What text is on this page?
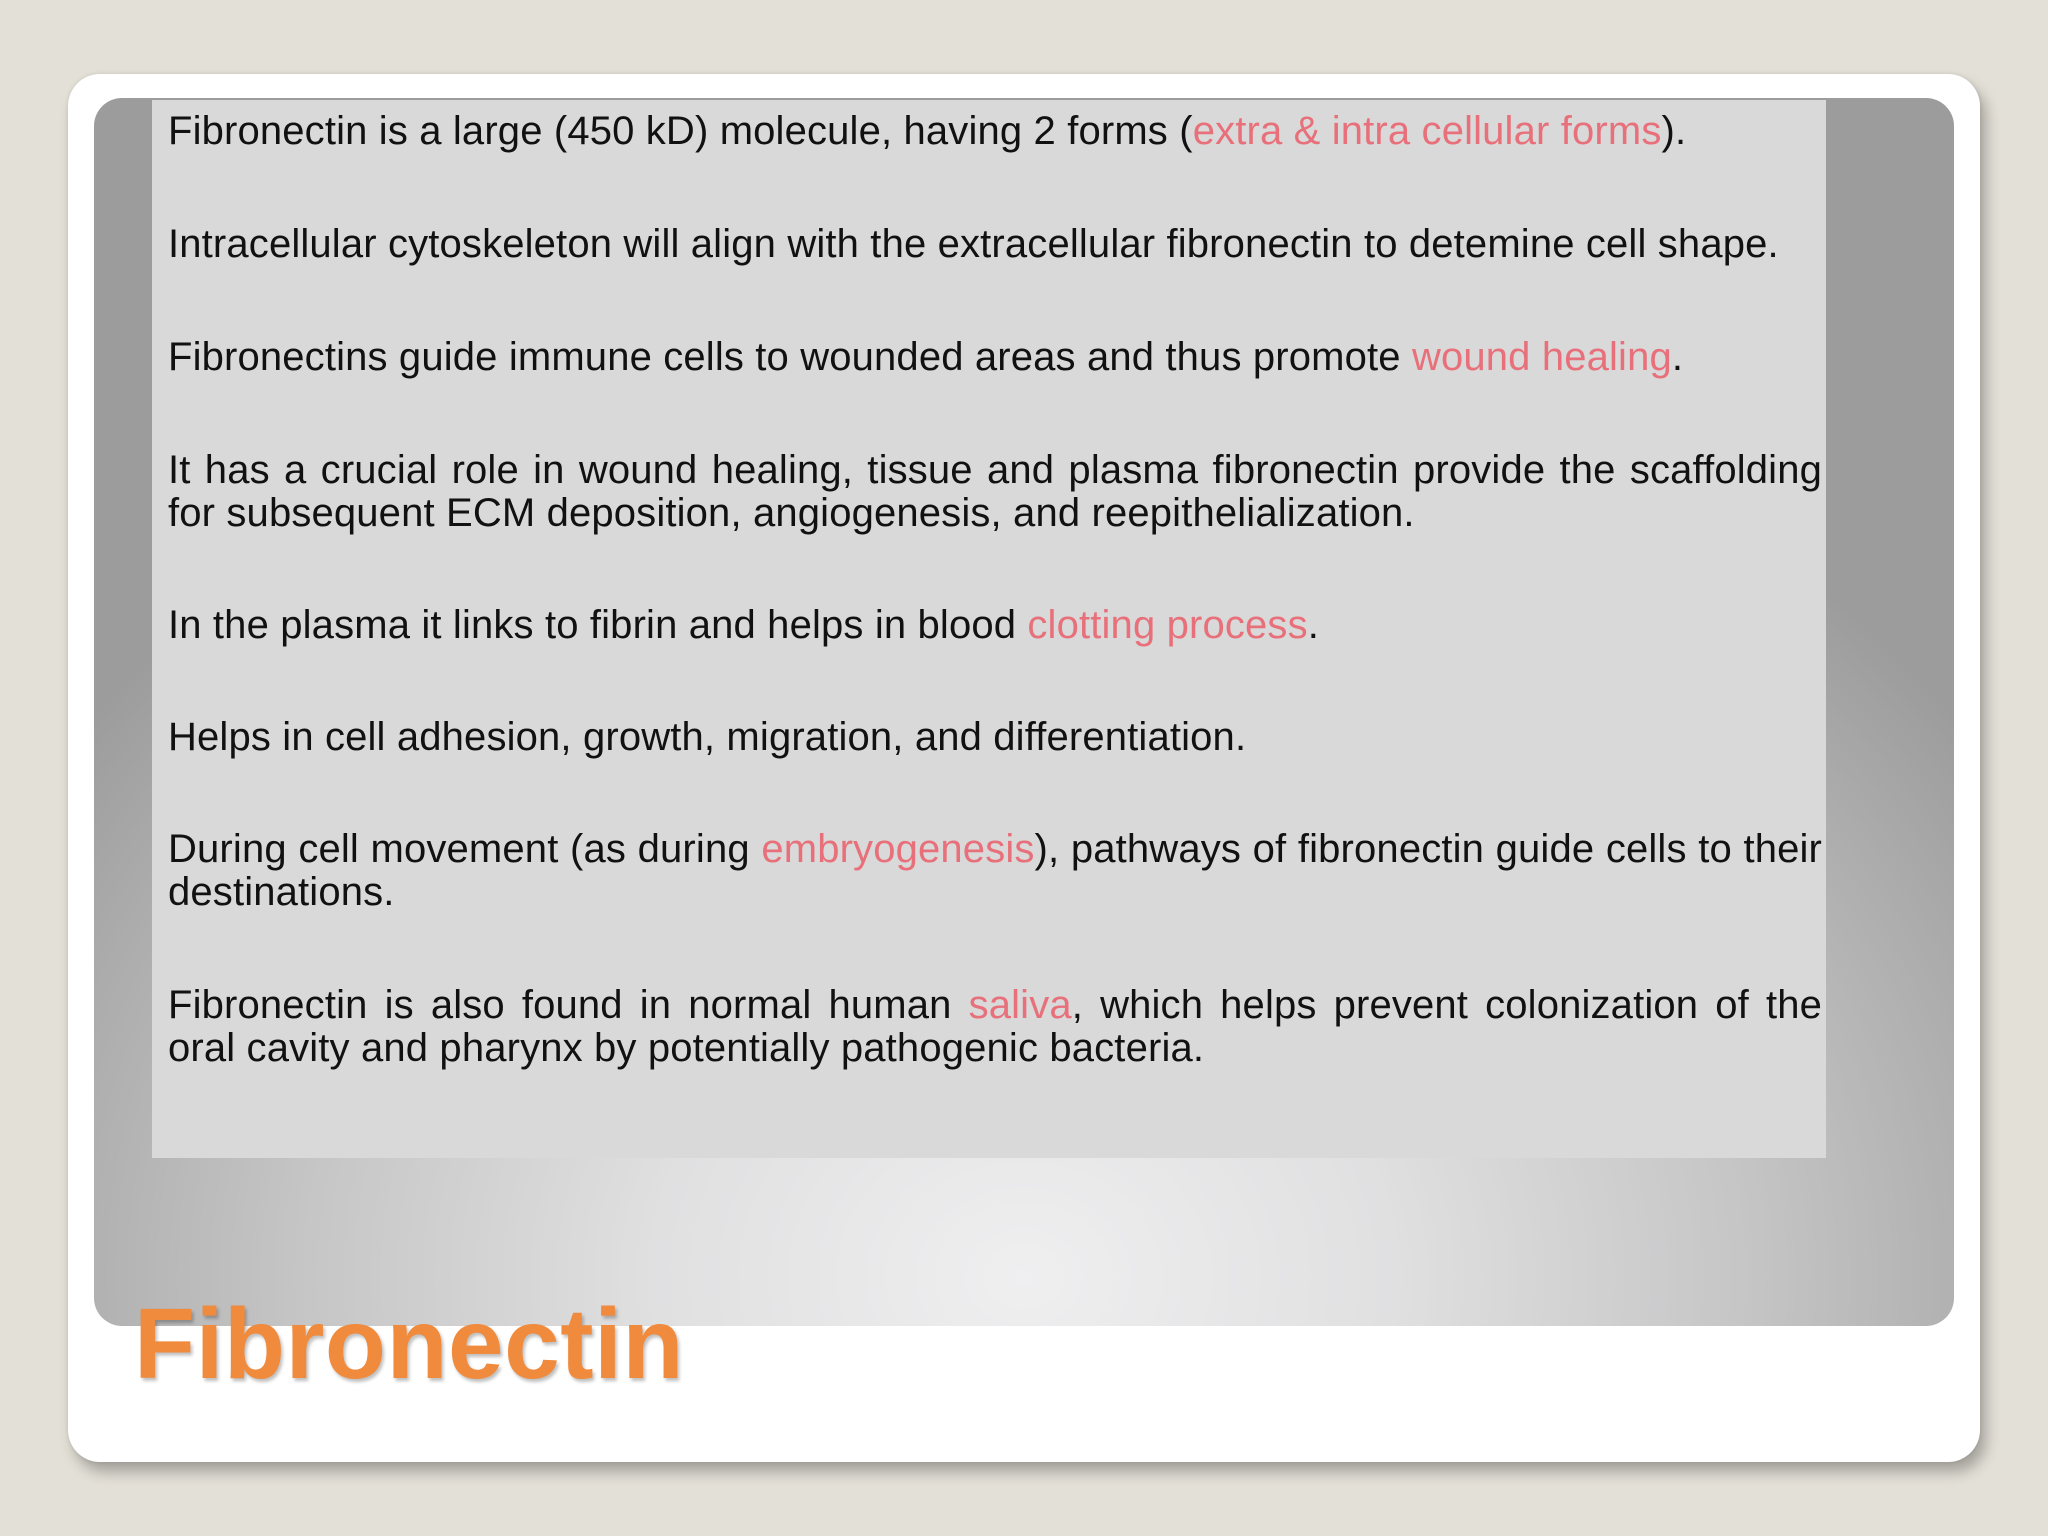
Fibronectin is a large (450 kD) molecule, having 2 forms (extra & intra cellular forms).

Intracellular cytoskeleton will align with the extracellular fibronectin to detemine cell shape.

Fibronectins guide immune cells to wounded areas and thus promote wound healing.

It has a crucial role in wound healing, tissue and plasma fibronectin provide the scaffolding for subsequent ECM deposition, angiogenesis, and reepithelialization.

In the plasma it links to fibrin and helps in blood clotting process.

Helps in cell adhesion, growth, migration, and differentiation.

During cell movement (as during embryogenesis), pathways of fibronectin guide cells to their destinations.

Fibronectin is also found in normal human saliva, which helps prevent colonization of the oral cavity and pharynx by potentially pathogenic bacteria.

Fibronectin
